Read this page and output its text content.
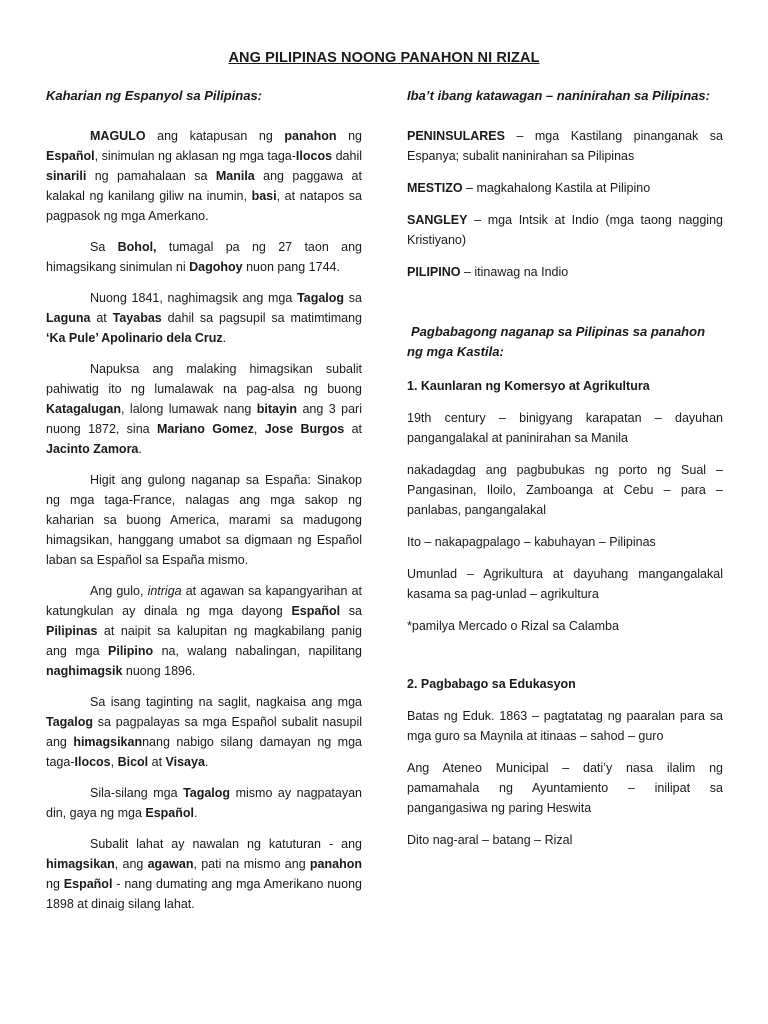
ANG PILIPINAS NOONG PANAHON NI RIZAL

Kaharian ng Espanyol sa Pilipinas:

MAGULO ang katapusan ng panahon ng Español, sinimulan ng aklasan ng mga taga-Ilocos dahil sinarili ng pamahalaan sa Manila ang paggawa at kalakal ng kanilang giliw na inumin, basi, at natapos sa pagpasok ng mga Amerkano.

Sa Bohol, tumagal pa ng 27 taon ang himagsikang sinimulan ni Dagohoy nuon pang 1744.

Nuong 1841, naghimagsik ang mga Tagalog sa Laguna at Tayabas dahil sa pagsupil sa matimtimang ‘Ka Pule’ Apolinario dela Cruz.

Napuksa ang malaking himagsikan subalit pahiwatig ito ng lumalawak na pag-alsa ng buong Katagalugan, lalong lumawak nang bitayin ang 3 pari nuong 1872, sina Mariano Gomez, Jose Burgos at Jacinto Zamora.

Higit ang gulong naganap sa España: Sinakop ng mga taga-France, nalagas ang mga sakop ng kaharian sa buong America, marami sa madugong himagsikan, hanggang umabot sa digmaan ng Español laban sa Español sa España mismo.

Ang gulo, intriga at agawan sa kapangyarihan at katungkulan ay dinala ng mga dayong Español sa Pilipinas at naipit sa kalupitan ng magkabilang panig ang mga Pilipino na, walang nabalingan, napilitang naghimagsik nuong 1896.

Sa isang taginting na saglit, nagkaisa ang mga Tagalog sa pagpalayas sa mga Español subalit nasupil ang himagsikannang nabigo silang damayan ng mga taga-Ilocos, Bicol at Visaya.

Sila-silang mga Tagalog mismo ay nagpatayan din, gaya ng mga Español.

Subalit lahat ay nawalan ng katuturan - ang himagsikan, ang agawan, pati na mismo ang panahon ng Español - nang dumating ang mga Amerikano nuong 1898 at dinaig silang lahat.

Iba’t ibang katawagan – naninirahan sa Pilipinas:

PENINSULARES – mga Kastilang pinanganak sa Espanya; subalit naninirahan sa Pilipinas

MESTIZO – magkahalong Kastila at Pilipino

SANGLEY – mga Intsik at Indio (mga taong nagging Kristiyano)

PILIPINO – itinawag na Indio

Pagbabagong naganap sa Pilipinas sa panahon ng mga Kastila:

1. Kaunlaran ng Komersyo at Agrikultura

19th century – binigyang karapatan – dayuhan pangangalakal at paninirahan sa Manila

nakadagdag ang pagbubukas ng porto ng Sual – Pangasinan, Iloilo, Zamboanga at Cebu – para – panlabas, pangangalakal

Ito – nakapagpalago – kabuhayan – Pilipinas

Umunlad – Agrikultura at dayuhang mangangalakal kasama sa pag-unlad – agrikultura

*pamilya Mercado o Rizal sa Calamba

2. Pagbabago sa Edukasyon

Batas ng Eduk. 1863 – pagtatatag ng paaralan para sa mga guro sa Maynila at itinaas – sahod – guro

Ang Ateneo Municipal – dati’y nasa ilalim ng pamamahala ng Ayuntamiento – inilipat sa pangangasiwa ng paring Heswita

Dito nag-aral – batang – Rizal
